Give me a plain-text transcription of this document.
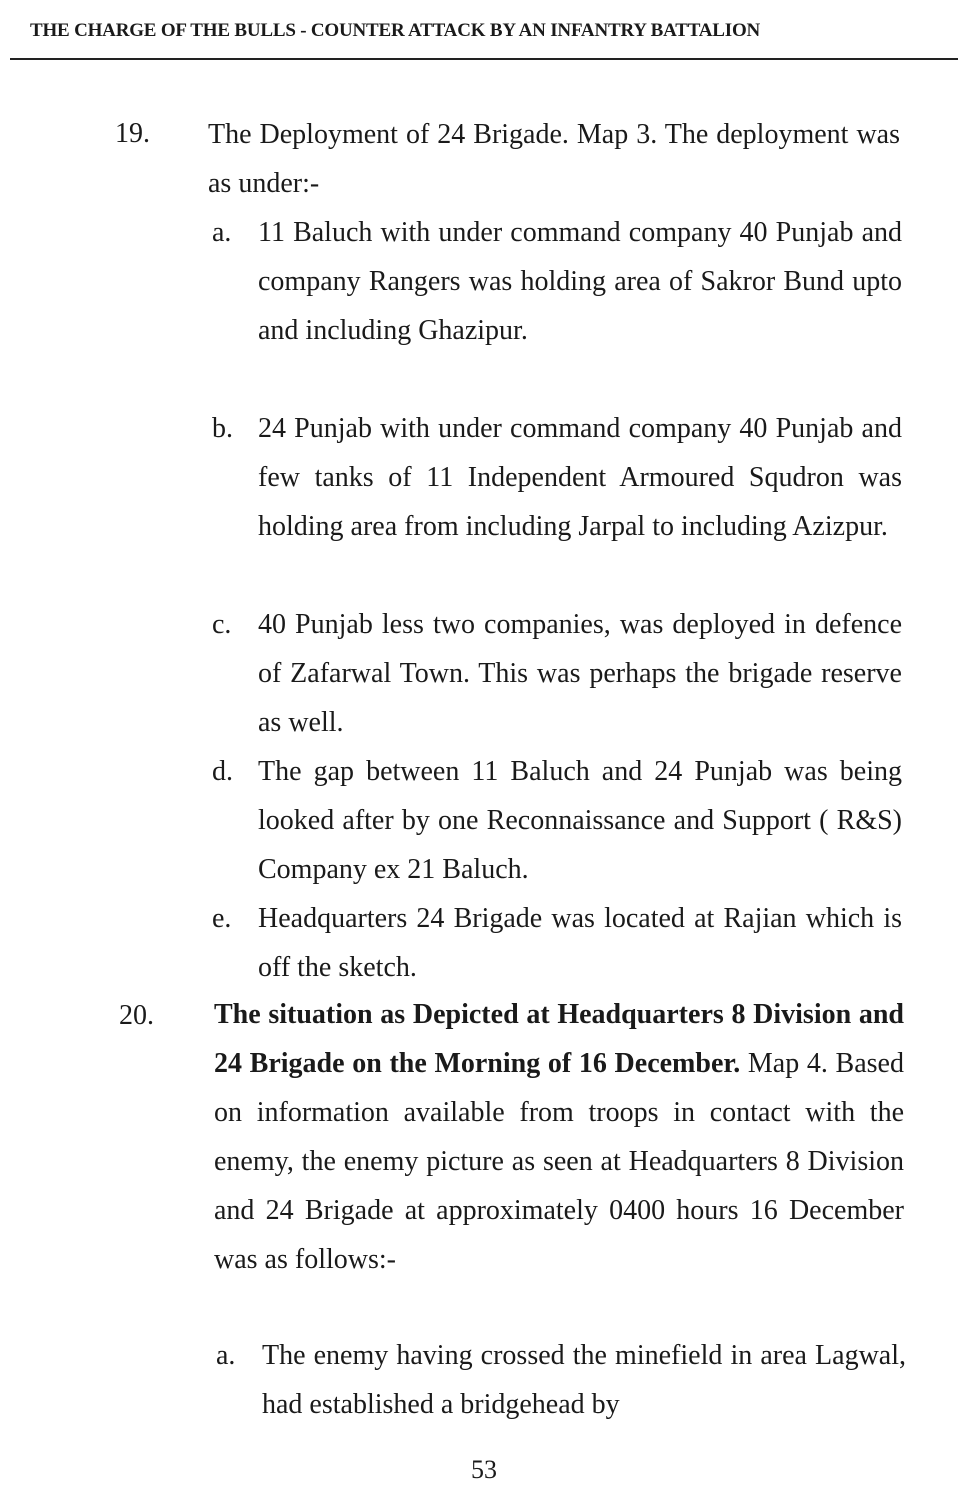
THE CHARGE OF THE BULLS - COUNTER ATTACK BY AN INFANTRY BATTALION
19. The Deployment of 24 Brigade. Map 3. The deployment was as under:-
a. 11 Baluch with under command company 40 Punjab and company Rangers was holding area of Sakror Bund upto and including Ghazipur.
b. 24 Punjab with under command company 40 Punjab and few tanks of 11 Independent Armoured Squdron was holding area from including Jarpal to including Azizpur.
c. 40 Punjab less two companies, was deployed in defence of Zafarwal Town. This was perhaps the brigade reserve as well.
d. The gap between 11 Baluch and 24 Punjab was being looked after by one Reconnaissance and Support ( R&S) Company ex 21 Baluch.
e. Headquarters 24 Brigade was located at Rajian which is off the sketch.
20. The situation as Depicted at Headquarters 8 Division and 24 Brigade on the Morning of 16 December. Map 4. Based on information available from troops in contact with the enemy, the enemy picture as seen at Headquarters 8 Division and 24 Brigade at approximately 0400 hours 16 December was as follows:-
a. The enemy having crossed the minefield in area Lagwal, had established a bridgehead by
53
